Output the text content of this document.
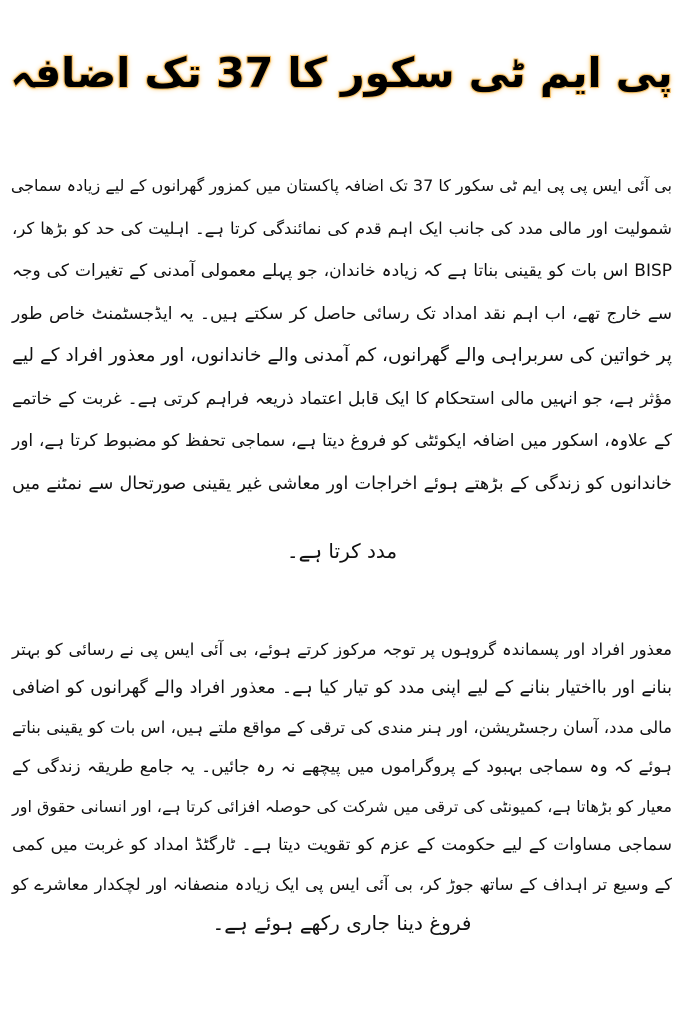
پی ایم ٹی سکور کا 37 تک اضافہ
بی آئی ایس پی پی ایم ٹی سکور کا 37 تک اضافہ پاکستان میں کمزور گھرانوں کے لیے زیادہ سماجی
شمولیت اور مالی مدد کی جانب ایک اہم قدم کی نمائندگی کرتا ہے۔ اہلیت کی حد کو بڑھا کر،
BISP اس بات کو یقینی بناتا ہے کہ زیادہ خاندان، جو پہلے معمولی آمدنی کے تغیرات کی وجہ
سے خارج تھے، اب اہم نقد امداد تک رسائی حاصل کر سکتے ہیں۔ یہ ایڈجسٹمنٹ خاص طور
پر خواتین کی سربراہی والے گھرانوں، کم آمدنی والے خاندانوں، اور معذور افراد کے لیے
مؤثر ہے، جو انہیں مالی استحکام کا ایک قابل اعتماد ذریعہ فراہم کرتی ہے۔ غربت کے خاتمے
کے علاوہ، اسکور میں اضافہ ایکوئٹی کو فروغ دیتا ہے، سماجی تحفظ کو مضبوط کرتا ہے، اور
خاندانوں کو زندگی کے بڑھتے ہوئے اخراجات اور معاشی غیر یقینی صورتحال سے نمٹنے میں
مدد کرتا ہے۔
معذور افراد اور پسماندہ گروہوں پر توجہ مرکوز کرتے ہوئے، بی آئی ایس پی نے رسائی کو بہتر
بنانے اور بااختیار بنانے کے لیے اپنی مدد کو تیار کیا ہے۔ معذور افراد والے گھرانوں کو اضافی
مالی مدد، آسان رجسٹریشن، اور ہنر مندی کی ترقی کے مواقع ملتے ہیں، اس بات کو یقینی بناتے
ہوئے کہ وہ سماجی بہبود کے پروگراموں میں پیچھے نہ رہ جائیں۔ یہ جامع طریقہ زندگی کے
معیار کو بڑھاتا ہے، کمیونٹی کی ترقی میں شرکت کی حوصلہ افزائی کرتا ہے، اور انسانی حقوق اور
سماجی مساوات کے لیے حکومت کے عزم کو تقویت دیتا ہے۔ ٹارگٹڈ امداد کو غربت میں کمی
کے وسیع تر اہداف کے ساتھ جوڑ کر، بی آئی ایس پی ایک زیادہ منصفانہ اور لچکدار معاشرے کو
فروغ دینا جاری رکھے ہوئے ہے۔
